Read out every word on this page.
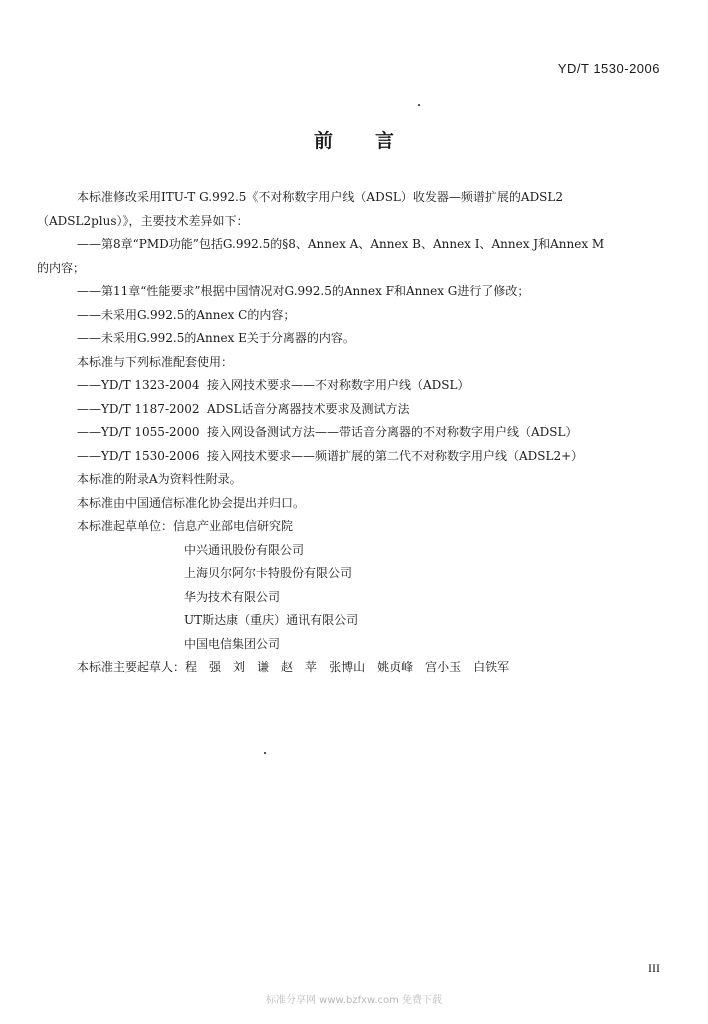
YD/T 1530-2006
前言

本标准修改采用ITU-T G.992.5《不对称数字用户线（ADSL）收发器—频谱扩展的ADSL2

（ADSL2plus）》，主要技术差异如下：

——第8章“PMD功能”包括G.992.5的§8、Annex A、Annex B、Annex I、Annex J和Annex M

的内容；

——第11章“性能要求”根据中国情况对G.992.5的Annex F和Annex G进行了修改；

——未采用G.992.5的Annex C的内容；

——未采用G.992.5的Annex E关于分离器的内容。

本标准与下列标准配套使用：

——YD/T 1323-2004 接入网技术要求——不对称数字用户线（ADSL）

——YD/T 1187-2002 ADSL话音分离器技术要求及测试方法

——YD/T 1055-2000 接入网设备测试方法——带话音分离器的不对称数字用户线（ADSL）

——YD/T 1530-2006 接入网技术要求——频谱扩展的第二代不对称数字用户线（ADSL2+）

本标准的附录A为资料性附录。

本标准由中国通信标准化协会提出并归口。

本标准起草单位：信息产业部电信研究院

中兴通讯股份有限公司

上海贝尔阿尔卡特股份有限公司

华为技术有限公司

UT斯达康（重庆）通讯有限公司

中国电信集团公司

本标准主要起草人：程　强 刘　谦 赵　苹 张博山 姚贞峰 宫小玉 白铁军

III
标准分享网 www.bzfxw.com 免费下载
